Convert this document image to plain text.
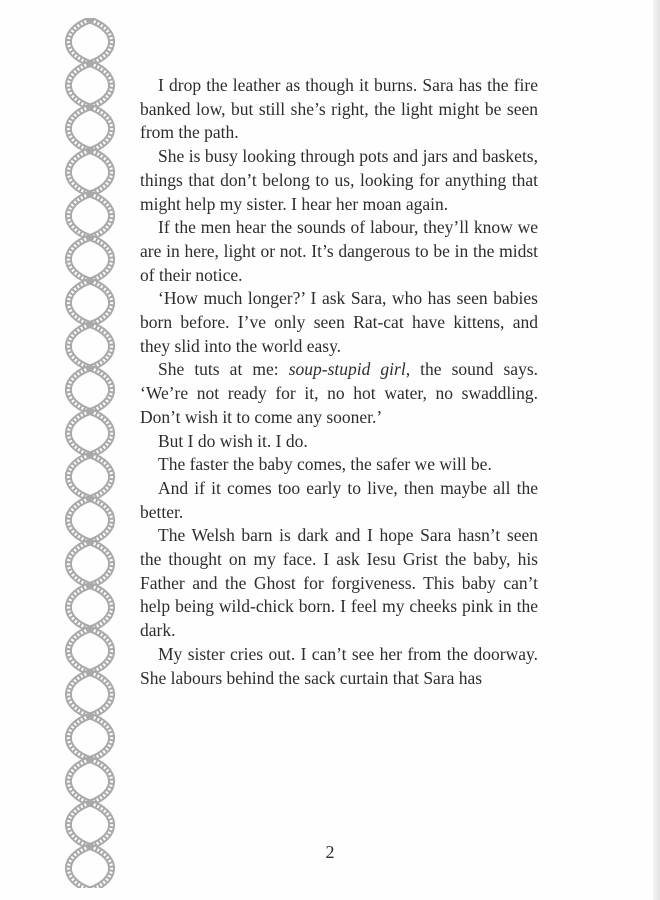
I drop the leather as though it burns. Sara has the fire banked low, but still she’s right, the light might be seen from the path.

She is busy looking through pots and jars and baskets, things that don’t belong to us, looking for anything that might help my sister. I hear her moan again.

If the men hear the sounds of labour, they’ll know we are in here, light or not. It’s dangerous to be in the midst of their notice.

‘How much longer?’ I ask Sara, who has seen babies born before. I’ve only seen Rat-cat have kittens, and they slid into the world easy.

She tuts at me: soup-stupid girl, the sound says. ‘We’re not ready for it, no hot water, no swaddling. Don’t wish it to come any sooner.’

But I do wish it. I do.

The faster the baby comes, the safer we will be.

And if it comes too early to live, then maybe all the better.

The Welsh barn is dark and I hope Sara hasn’t seen the thought on my face. I ask Iesu Grist the baby, his Father and the Ghost for forgiveness. This baby can’t help being wild-chick born. I feel my cheeks pink in the dark.

My sister cries out. I can’t see her from the doorway. She labours behind the sack curtain that Sara has

2
